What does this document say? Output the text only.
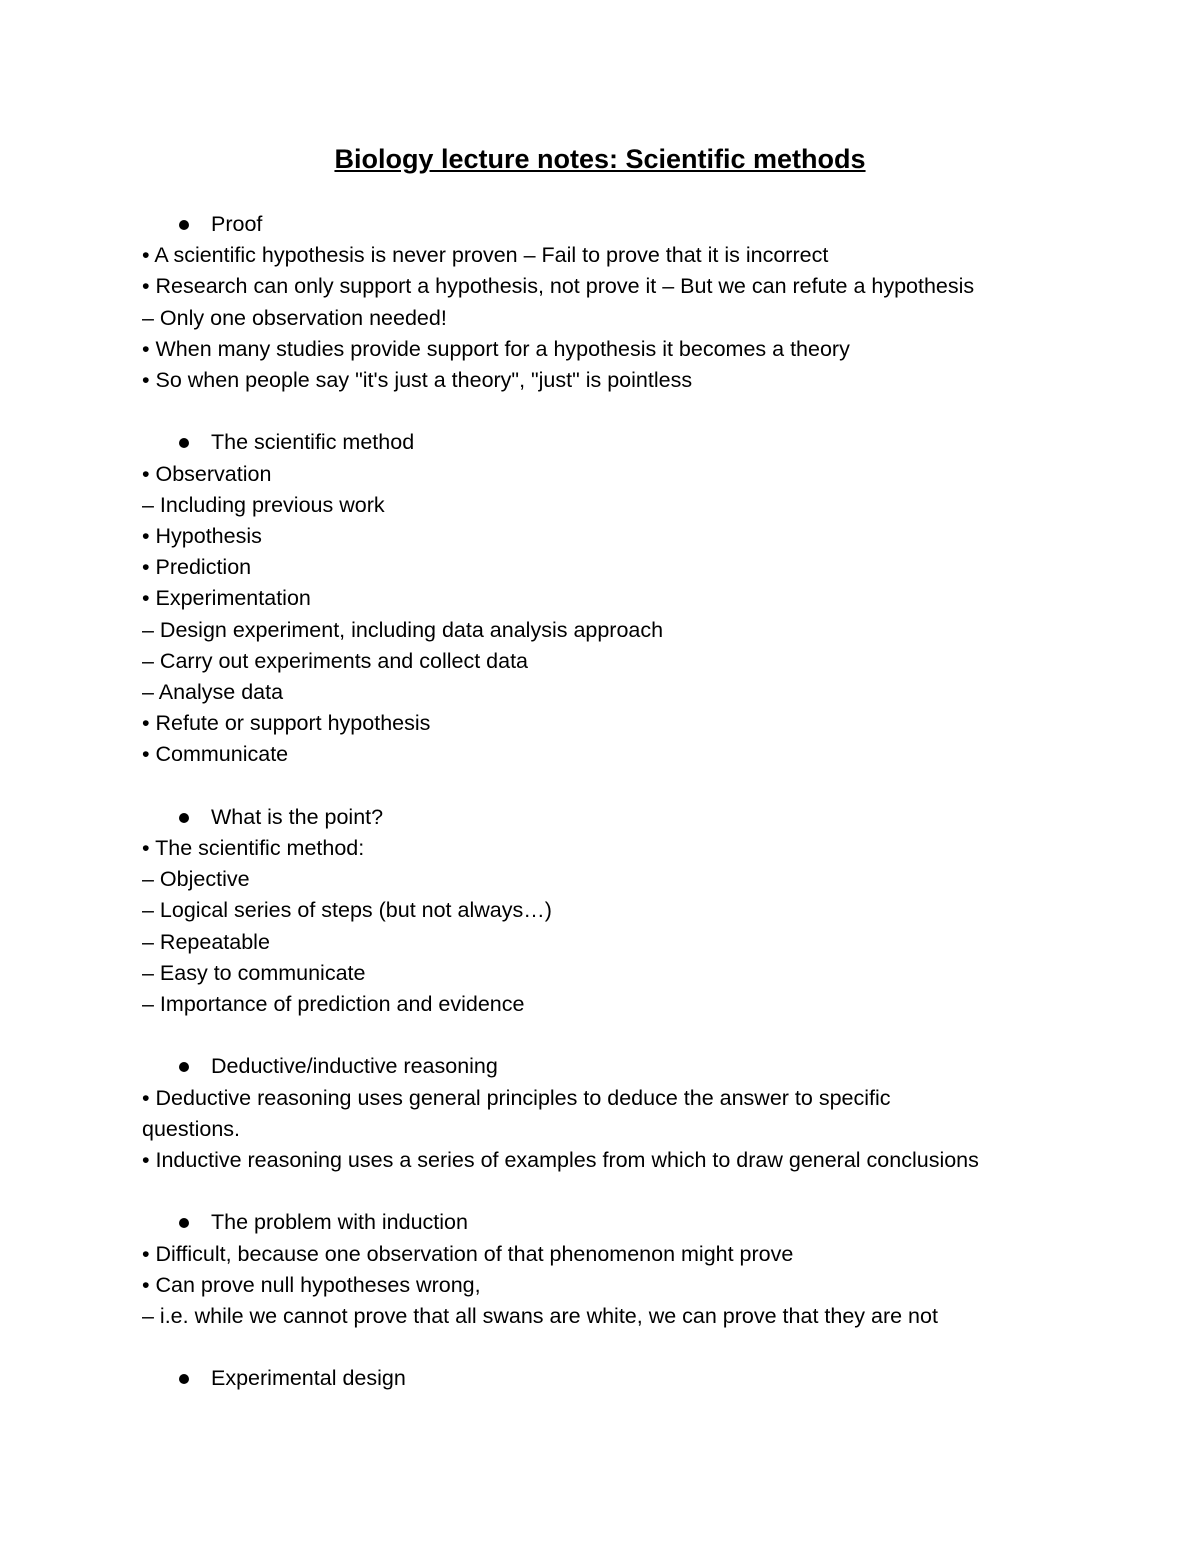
Biology lecture notes: Scientific methods

Proof

• A scientific hypothesis is never proven – Fail to prove that it is incorrect

• Research can only support a hypothesis, not prove it – But we can refute a hypothesis

– Only one observation needed!

• When many studies provide support for a hypothesis it becomes a theory

• So when people say "it's just a theory", "just" is pointless

The scientific method

• Observation

– Including previous work

• Hypothesis

• Prediction

• Experimentation

– Design experiment, including data analysis approach

– Carry out experiments and collect data

– Analyse data

• Refute or support hypothesis

• Communicate

What is the point?

• The scientific method:

– Objective

– Logical series of steps (but not always…)

– Repeatable

– Easy to communicate

– Importance of prediction and evidence

Deductive/inductive reasoning

• Deductive reasoning uses general principles to deduce the answer to specific

questions.

• Inductive reasoning uses a series of examples from which to draw general conclusions

The problem with induction

• Difficult, because one observation of that phenomenon might prove

• Can prove null hypotheses wrong,

– i.e. while we cannot prove that all swans are white, we can prove that they are not

Experimental design
